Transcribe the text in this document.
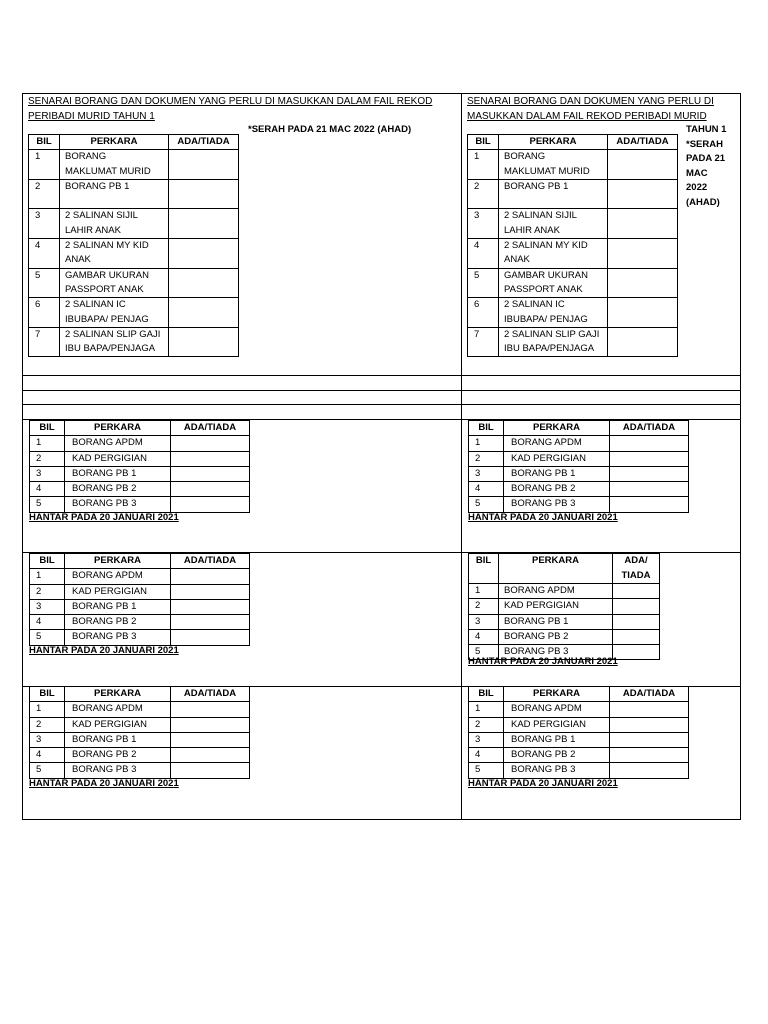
SENARAI BORANG DAN DOKUMEN YANG PERLU DI MASUKKAN DALAM FAIL REKOD
PERIBADI MURID TAHUN 1
*SERAH PADA 21 MAC 2022 (AHAD)
BIL	PERKARA	ADA/TIADA
1	BORANG
MAKLUMAT MURID	

2	BORANG PB 1	

3	2 SALINAN SIJIL
LAHIR ANAK	

4	2 SALINAN MY KID
ANAK	

5	GAMBAR UKURAN
PASSPORT ANAK	

6	2 SALINAN IC
IBUBAPA/ PENJAG	

7	2 SALINAN SLIP GAJI
IBU BAPA/PENJAGA	

SENARAI BORANG DAN DOKUMEN YANG PERLU DI
MASUKKAN DALAM FAIL REKOD PERIBADI MURID
TAHUN 1
*SERAH
PADA 21
MAC
2022
(AHAD)
BIL	PERKARA	ADA/TIADA
1	BORANG
MAKLUMAT MURID	

2	BORANG PB 1	

3	2 SALINAN SIJIL
LAHIR ANAK	

4	2 SALINAN MY KID
ANAK	

5	GAMBAR UKURAN
PASSPORT ANAK	

6	2 SALINAN IC
IBUBAPA/ PENJAG	

7	2 SALINAN SLIP GAJI
IBU BAPA/PENJAGA	

BIL	PERKARA	ADA/TIADA
1	BORANG APDM	
2	KAD PERGIGIAN	
3	BORANG PB 1	
4	BORANG PB 2	
5	BORANG PB 3	
HANTAR PADA 20 JANUARI 2021
BIL	PERKARA	ADA/TIADA
1	BORANG APDM	
2	KAD PERGIGIAN	
3	BORANG PB 1	
4	BORANG PB 2	
5	BORANG PB 3	
HANTAR PADA 20 JANUARI 2021
BIL	PERKARA	ADA/TIADA
1	BORANG APDM	
2	KAD PERGIGIAN	
3	BORANG PB 1	
4	BORANG PB 2	
5	BORANG PB 3	
HANTAR PADA 20 JANUARI 2021
BIL	PERKARA	ADA/
TIADA

1	BORANG APDM	
2	KAD PERGIGIAN	
3	BORANG PB 1	
4	BORANG PB 2	
5	BORANG PB 3	
HANTAR PADA 20 JANUARI 2021
BIL	PERKARA	ADA/TIADA
1	BORANG APDM	
2	KAD PERGIGIAN	
3	BORANG PB 1	
4	BORANG PB 2	
5	BORANG PB 3	
HANTAR PADA 20 JANUARI 2021
BIL	PERKARA	ADA/TIADA
1	BORANG APDM	
2	KAD PERGIGIAN	
3	BORANG PB 1	
4	BORANG PB 2	
5	BORANG PB 3	
HANTAR PADA 20 JANUARI 2021
